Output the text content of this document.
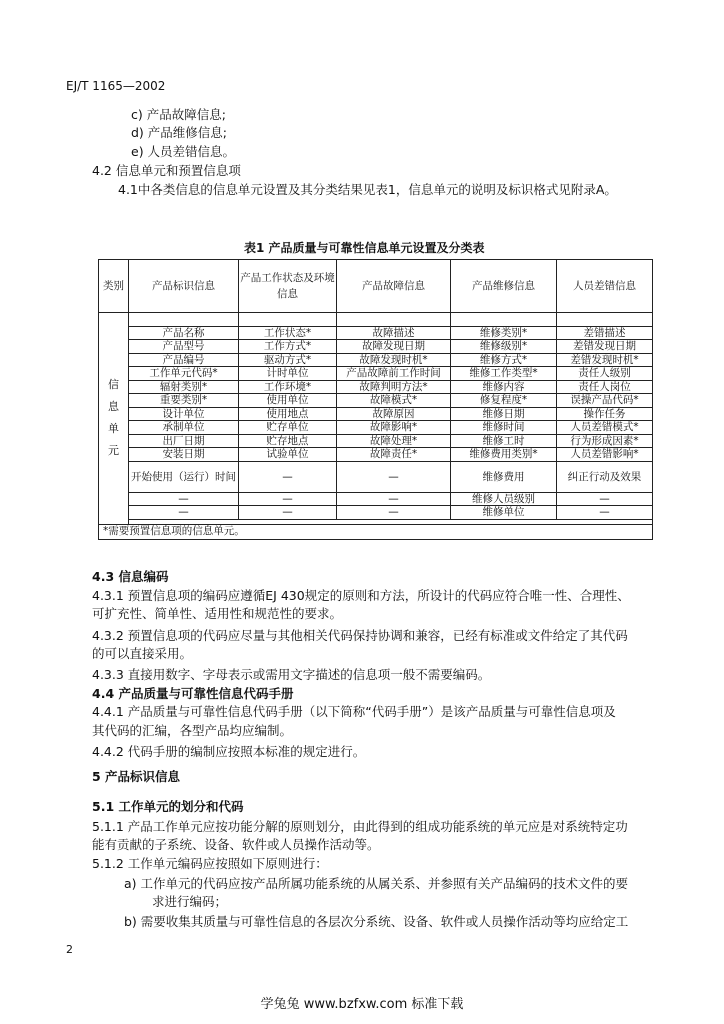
EJ/T 1165—2002
c) 产品故障信息;
d) 产品维修信息;
e) 人员差错信息。
4.2 信息单元和预置信息项
4.1中各类信息的信息单元设置及其分类结果见表1，信息单元的说明及标识格式见附录A。
表1 产品质量与可靠性信息单元设置及分类表
类别	产品标识信息	产品工作状态及环境信息	产品故障信息	产品维修信息	人员差错信息
信息单元					
	产品名称	工作状态*	故障描述	维修类别*	差错描述
	产品型号	工作方式*	故障发现日期	维修级别*	差错发现日期
	产品编号	驱动方式*	故障发现时机*	维修方式*	差错发现时机*
	工作单元代码*	计时单位	产品故障前工作时间	维修工作类型*	责任人级别
	辐射类别*	工作环境*	故障判明方法*	维修内容	责任人岗位
	重要类别*	使用单位	故障模式*	修复程度*	误操产品代码*
	设计单位	使用地点	故障原因	维修日期	操作任务
	承制单位	贮存单位	故障影响*	维修时间	人员差错模式*
	出厂日期	贮存地点	故障处理*	维修工时	行为形成因素*
	安装日期	试验单位	故障责任*	维修费用类别*	人员差错影响*
	开始使用（运行）时间	—	—	维修费用	纠正行动及效果
	—	—	—	维修人员级别	—
	—	—	—	维修单位	—

*需要预置信息项的信息单元。					
4.3 信息编码
4.3.1 预置信息项的编码应遵循EJ 430规定的原则和方法，所设计的代码应符合唯一性、合理性、
可扩充性、简单性、适用性和规范性的要求。
4.3.2 预置信息项的代码应尽量与其他相关代码保持协调和兼容，已经有标准或文件给定了其代码
的可以直接采用。
4.3.3 直接用数字、字母表示或需用文字描述的信息项一般不需要编码。
4.4 产品质量与可靠性信息代码手册
4.4.1 产品质量与可靠性信息代码手册（以下简称“代码手册”）是该产品质量与可靠性信息项及
其代码的汇编，各型产品均应编制。
4.4.2 代码手册的编制应按照本标准的规定进行。
5 产品标识信息
5.1 工作单元的划分和代码
5.1.1 产品工作单元应按功能分解的原则划分，由此得到的组成功能系统的单元应是对系统特定功
能有贡献的子系统、设备、软件或人员操作活动等。
5.1.2 工作单元编码应按照如下原则进行：
a) 工作单元的代码应按产品所属功能系统的从属关系、并参照有关产品编码的技术文件的要
求进行编码；
b) 需要收集其质量与可靠性信息的各层次分系统、设备、软件或人员操作活动等均应给定工
2
学兔兔 www.bzfxw.com 标准下载
